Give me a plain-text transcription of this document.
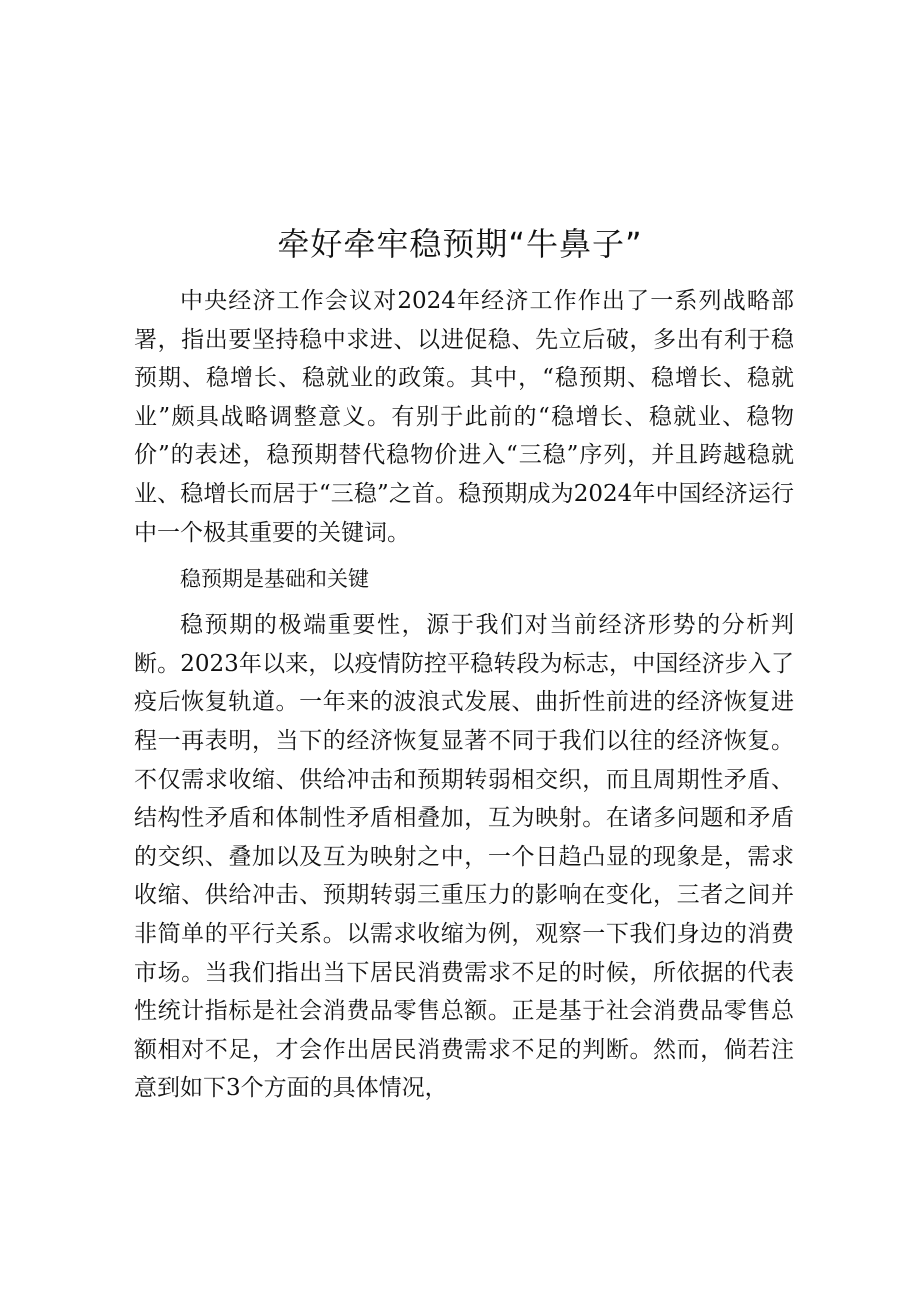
牵好牵牢稳预期“牛鼻子”

中央经济工作会议对2024年经济工作作出了一系列战略部署，指出要坚持稳中求进、以进促稳、先立后破，多出有利于稳预期、稳增长、稳就业的政策。其中，“稳预期、稳增长、稳就业”颇具战略调整意义。有别于此前的“稳增长、稳就业、稳物价”的表述，稳预期替代稳物价进入“三稳”序列，并且跨越稳就业、稳增长而居于“三稳”之首。稳预期成为2024年中国经济运行中一个极其重要的关键词。

稳预期是基础和关键

稳预期的极端重要性，源于我们对当前经济形势的分析判断。2023年以来，以疫情防控平稳转段为标志，中国经济步入了疫后恢复轨道。一年来的波浪式发展、曲折性前进的经济恢复进程一再表明，当下的经济恢复显著不同于我们以往的经济恢复。不仅需求收缩、供给冲击和预期转弱相交织，而且周期性矛盾、结构性矛盾和体制性矛盾相叠加，互为映射。在诸多问题和矛盾的交织、叠加以及互为映射之中，一个日趋凸显的现象是，需求收缩、供给冲击、预期转弱三重压力的影响在变化，三者之间并非简单的平行关系。以需求收缩为例，观察一下我们身边的消费市场。当我们指出当下居民消费需求不足的时候，所依据的代表性统计指标是社会消费品零售总额。正是基于社会消费品零售总额相对不足，才会作出居民消费需求不足的判断。然而，倘若注意到如下3个方面的具体情况，
